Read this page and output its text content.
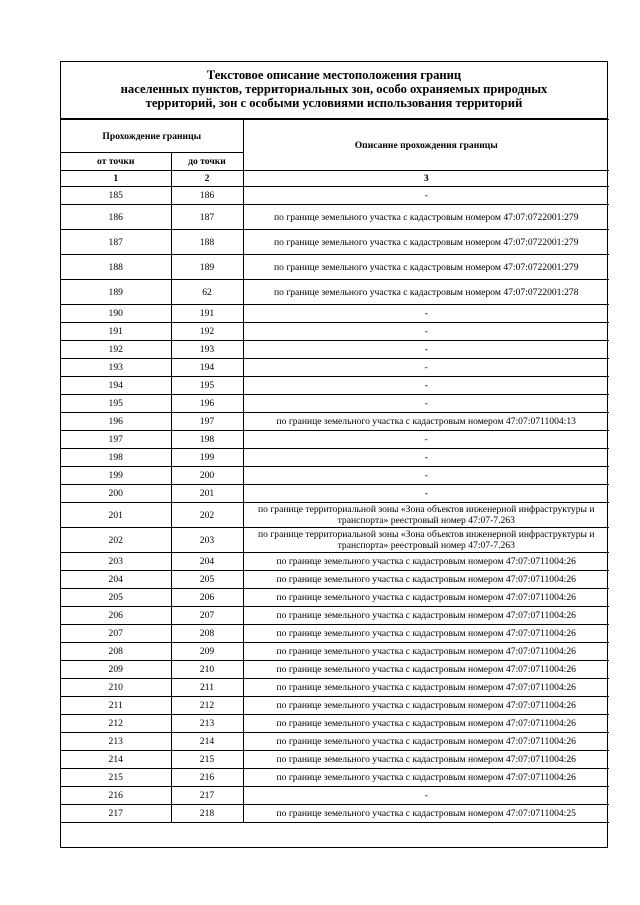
Текстовое описание местоположения границ
населенных пунктов, территориальных зон, особо охраняемых природных
территорий, зон с особыми условиями использования территорий
Прохождение границы		Описание прохождения границы
от точки	до точки	
1	2	3
185	186	-
186	187	по границе земельного участка с кадастровым номером 47:07:0722001:279
187	188	по границе земельного участка с кадастровым номером 47:07:0722001:279
188	189	по границе земельного участка с кадастровым номером 47:07:0722001:279
189	62	по границе земельного участка с кадастровым номером 47:07:0722001:278
190	191	-
191	192	-
192	193	-
193	194	-
194	195	-
195	196	-
196	197	по границе земельного участка с кадастровым номером 47:07:0711004:13
197	198	-
198	199	-
199	200	-
200	201	-
201	202	по границе территориальной зоны «Зона объектов инженерной инфраструктуры и транспорта» реестровый номер 47:07-7.263
202	203	по границе территориальной зоны «Зона объектов инженерной инфраструктуры и транспорта» реестровый номер 47:07-7.263
203	204	по границе земельного участка с кадастровым номером 47:07:0711004:26
204	205	по границе земельного участка с кадастровым номером 47:07:0711004:26
205	206	по границе земельного участка с кадастровым номером 47:07:0711004:26
206	207	по границе земельного участка с кадастровым номером 47:07:0711004:26
207	208	по границе земельного участка с кадастровым номером 47:07:0711004:26
208	209	по границе земельного участка с кадастровым номером 47:07:0711004:26
209	210	по границе земельного участка с кадастровым номером 47:07:0711004:26
210	211	по границе земельного участка с кадастровым номером 47:07:0711004:26
211	212	по границе земельного участка с кадастровым номером 47:07:0711004:26
212	213	по границе земельного участка с кадастровым номером 47:07:0711004:26
213	214	по границе земельного участка с кадастровым номером 47:07:0711004:26
214	215	по границе земельного участка с кадастровым номером 47:07:0711004:26
215	216	по границе земельного участка с кадастровым номером 47:07:0711004:26
216	217	-
217	218	по границе земельного участка с кадастровым номером 47:07:0711004:25
